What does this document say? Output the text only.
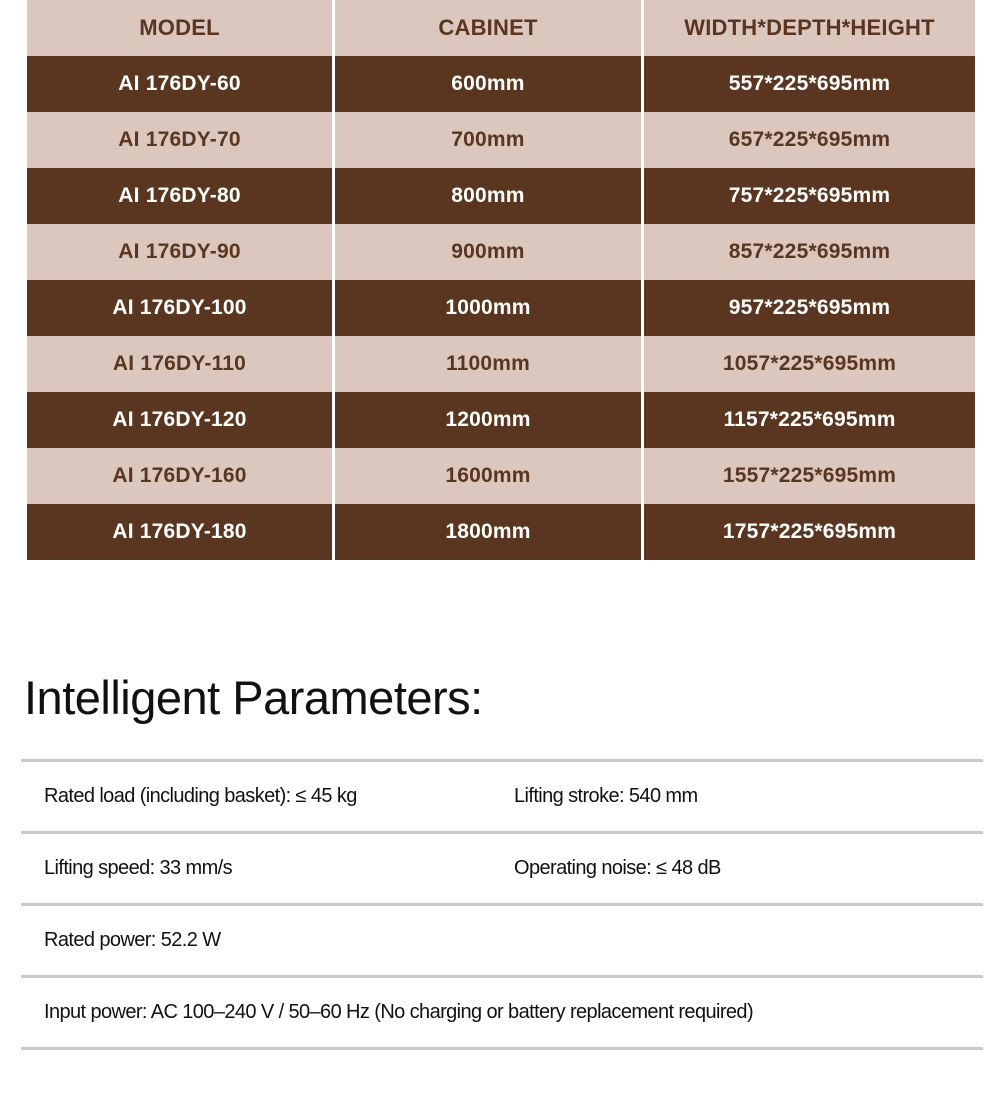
MODEL	CABINET	WIDTH*DEPTH*HEIGHT
AI 176DY-60	600mm	557*225*695mm
AI 176DY-70	700mm	657*225*695mm
AI 176DY-80	800mm	757*225*695mm
AI 176DY-90	900mm	857*225*695mm
AI 176DY-100	1000mm	957*225*695mm
AI 176DY-110	1100mm	1057*225*695mm
AI 176DY-120	1200mm	1157*225*695mm
AI 176DY-160	1600mm	1557*225*695mm
AI 176DY-180	1800mm	1757*225*695mm
Intelligent Parameters:
Rated load (including basket): ≤ 45 kg	Lifting stroke: 540 mm
Lifting speed: 33 mm/s	Operating noise: ≤ 48 dB
Rated power: 52.2 W
Input power: AC 100–240 V / 50–60 Hz (No charging or battery replacement required)
